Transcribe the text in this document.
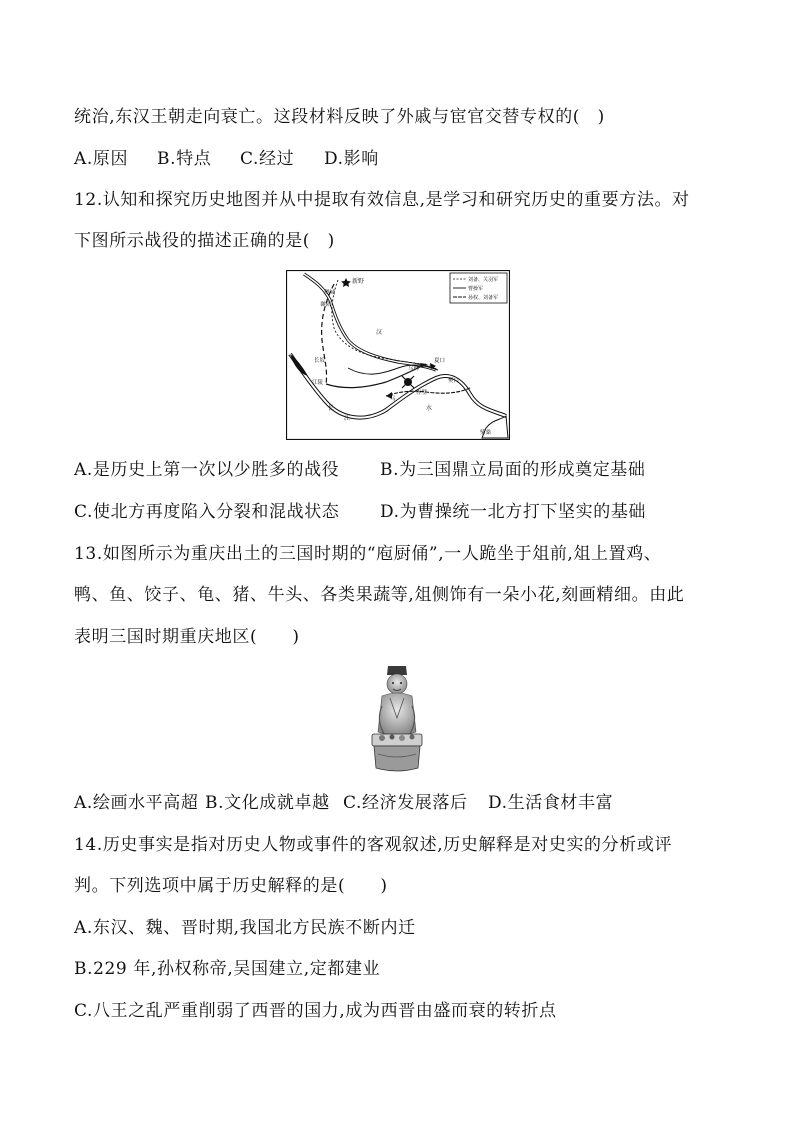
统治,东汉王朝走向衰亡。这段材料反映了外戚与宦官交替专权的(　)
A.原因 B.特点 C.经过 D.影响
12.认知和探究历史地图并从中提取有效信息,是学习和研究历史的重要方法。对
下图所示战役的描述正确的是(　)
刘备、关羽军
曹操军
孙权、刘备军
新野
樊城
襄阳
长坂
江陵
汉
夏口
樊口
赤壁
乌林
乌
柴桑
长
江
水
A.是历史上第一次以少胜多的战役 B.为三国鼎立局面的形成奠定基础
C.使北方再度陷入分裂和混战状态 D.为曹操统一北方打下坚实的基础
13.如图所示为重庆出土的三国时期的“庖厨俑”,一人跪坐于俎前,俎上置鸡、
鸭、鱼、饺子、龟、猪、牛头、各类果蔬等,俎侧饰有一朵小花,刻画精细。由此
表明三国时期重庆地区(　　)
A.绘画水平高超 B.文化成就卓越 C.经济发展落后 D.生活食材丰富
14.历史事实是指对历史人物或事件的客观叙述,历史解释是对史实的分析或评
判。下列选项中属于历史解释的是(　　)
A.东汉、魏、晋时期,我国北方民族不断内迁
B.229 年,孙权称帝,吴国建立,定都建业
C.八王之乱严重削弱了西晋的国力,成为西晋由盛而衰的转折点
